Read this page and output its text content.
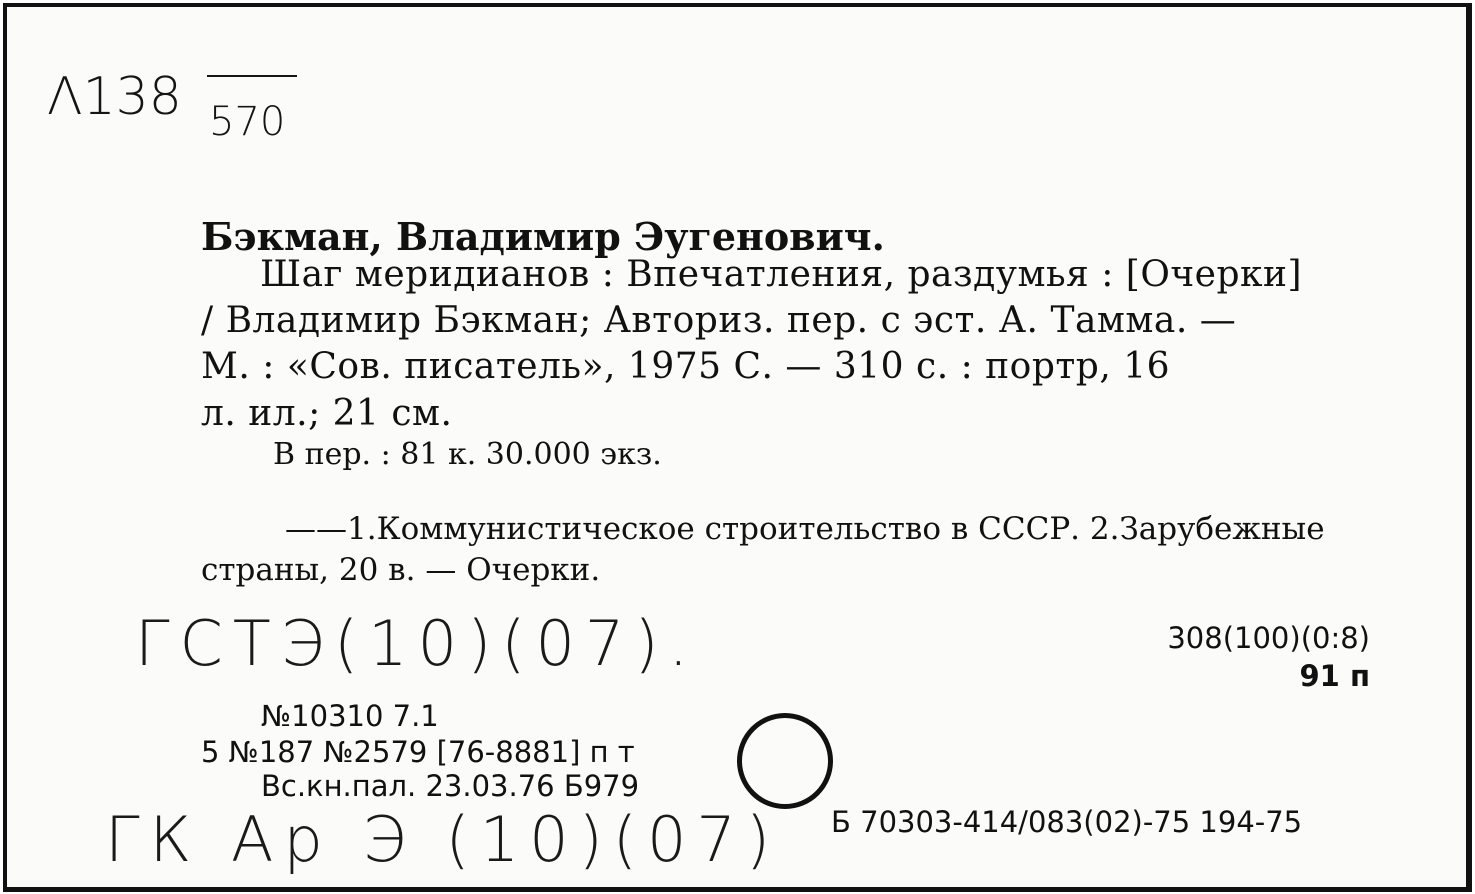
Λ138 570
Бэкман, Владимир Эугенович.
Шаг меридианов : Впечатления, раздумья : [Очерки]
/ Владимир Бэкман; Авториз. пер. с эст. А. Тамма. —
М. : «Сов. писатель», 1975 С. — 310 с. : портр, 16
л. ил.; 21 см.
В пер. : 81 к. 30.000 экз.
——1.Коммунистическое строительство в СССР. 2.Зарубежные
страны, 20 в. — Очерки.
ГСТЭ(10)(07).	308(100)(0:8)
91 п
№10310 7.1
5 №187 №2579 [76-8881] п т
Вс.кн.пал. 23.03.76 Б979
Б 70303-414/083(02)-75 194-75
ГК Ар Э (10)(07)
